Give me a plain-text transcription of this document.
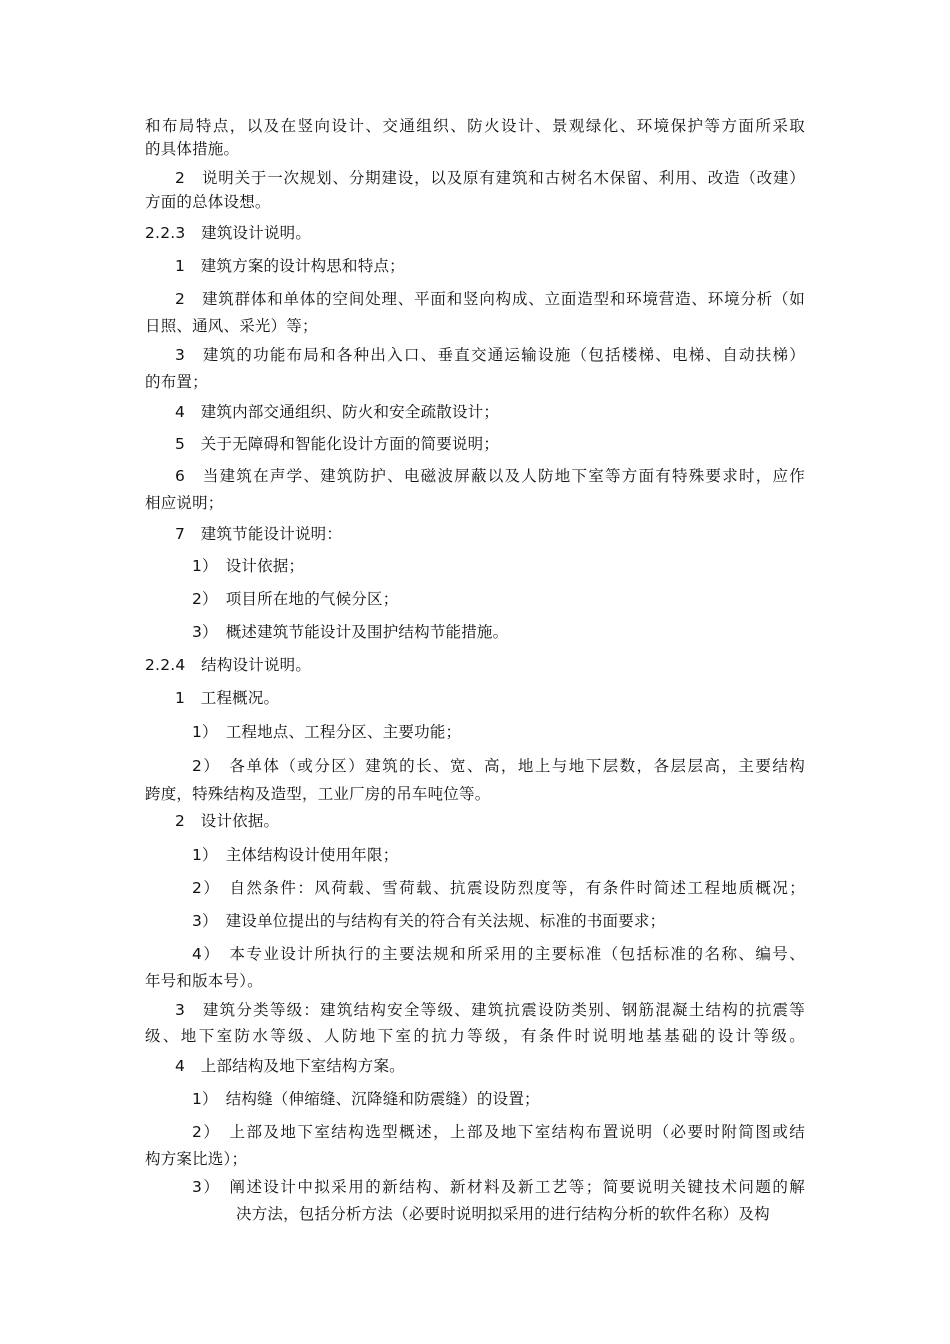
和布局特点，以及在竖向设计、交通组织、防火设计、景观绿化、环境保护等方面所采取
的具体措施。
2　说明关于一次规划、分期建设，以及原有建筑和古树名木保留、利用、改造（改建）
方面的总体设想。
2.2.3　建筑设计说明。
1　建筑方案的设计构思和特点；
2　建筑群体和单体的空间处理、平面和竖向构成、立面造型和环境营造、环境分析（如
日照、通风、采光）等；
3　建筑的功能布局和各种出入口、垂直交通运输设施（包括楼梯、电梯、自动扶梯）
的布置；
4　建筑内部交通组织、防火和安全疏散设计；
5　关于无障碍和智能化设计方面的简要说明；
6　当建筑在声学、建筑防护、电磁波屏蔽以及人防地下室等方面有特殊要求时，应作
相应说明；
7　建筑节能设计说明：
1）　设计依据；
2）　项目所在地的气候分区；
3）　概述建筑节能设计及围护结构节能措施。
2.2.4　结构设计说明。
1　工程概况。
1）　工程地点、工程分区、主要功能；
2）　各单体（或分区）建筑的长、宽、高，地上与地下层数，各层层高，主要结构
跨度，特殊结构及造型，工业厂房的吊车吨位等。
2　设计依据。
1）　主体结构设计使用年限；
2）　自然条件：风荷载、雪荷载、抗震设防烈度等，有条件时简述工程地质概况；
3）　建设单位提出的与结构有关的符合有关法规、标准的书面要求；
4）　本专业设计所执行的主要法规和所采用的主要标准（包括标准的名称、编号、
年号和版本号）。
3　建筑分类等级：建筑结构安全等级、建筑抗震设防类别、钢筋混凝土结构的抗震等
级、地下室防水等级、人防地下室的抗力等级，有条件时说明地基基础的设计等级。
4　上部结构及地下室结构方案。
1）　结构缝（伸缩缝、沉降缝和防震缝）的设置；
2）　上部及地下室结构选型概述，上部及地下室结构布置说明（必要时附简图或结
构方案比选）；
3）　阐述设计中拟采用的新结构、新材料及新工艺等；简要说明关键技术问题的解
决方法，包括分析方法（必要时说明拟采用的进行结构分析的软件名称）及构
